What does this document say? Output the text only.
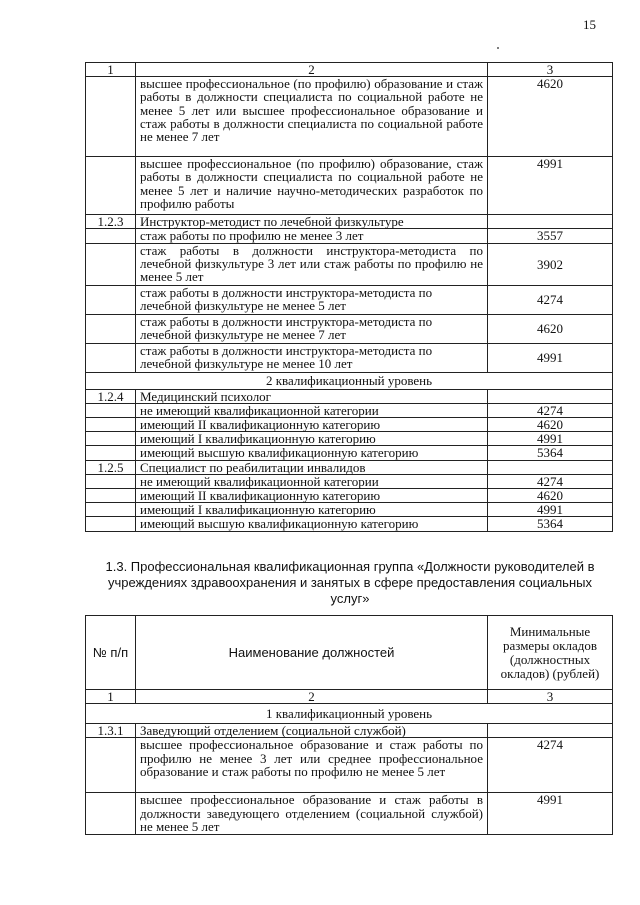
15
1	2	3
	высшее профессиональное (по профилю) образование и стаж работы в должности специалиста по социальной работе не менее 5 лет или высшее профессиональное образование и стаж работы в должности специалиста по социальной работе не менее 7 лет	4620
	высшее профессиональное (по профилю) образование, стаж работы в должности специалиста по социальной работе не менее 5 лет и наличие научно-методических разработок по профилю работы	4991
1.2.3	Инструктор-методист по лечебной физкультуре	
	стаж работы по профилю не менее 3 лет	3557
	стаж работы в должности инструктора-методиста по лечебной физкультуре 3 лет или стаж работы по профилю не менее 5 лет	3902
	стаж работы в должности инструктора-методиста по лечебной физкультуре не менее 5 лет	4274
	стаж работы в должности инструктора-методиста по лечебной физкультуре не менее 7 лет	4620
	стаж работы в должности инструктора-методиста по лечебной физкультуре не менее 10 лет	4991
2 квалификационный уровень		
1.2.4	Медицинский психолог	
	не имеющий квалификационной категории	4274
	имеющий II квалификационную категорию	4620
	имеющий I квалификационную категорию	4991
	имеющий высшую квалификационную категорию	5364
1.2.5	Специалист по реабилитации инвалидов	
	не имеющий квалификационной категории	4274
	имеющий II квалификационную категорию	4620
	имеющий I квалификационную категорию	4991
	имеющий высшую квалификационную категорию	5364
1.3. Профессиональная квалификационная группа «Должности руководителей в учреждениях здравоохранения и занятых в сфере предоставления социальных услуг»
№ п/п	Наименование должностей	Минимальные размеры окладов (должностных окладов) (рублей)
1	2	3
1 квалификационный уровень		
1.3.1	Заведующий отделением (социальной службой)	
	высшее профессиональное образование и стаж работы по профилю не менее 3 лет или среднее профессиональное образование и стаж работы по профилю не менее 5 лет	4274
	высшее профессиональное образование и стаж работы в должности заведующего отделением (социальной службой) не менее 5 лет	4991
